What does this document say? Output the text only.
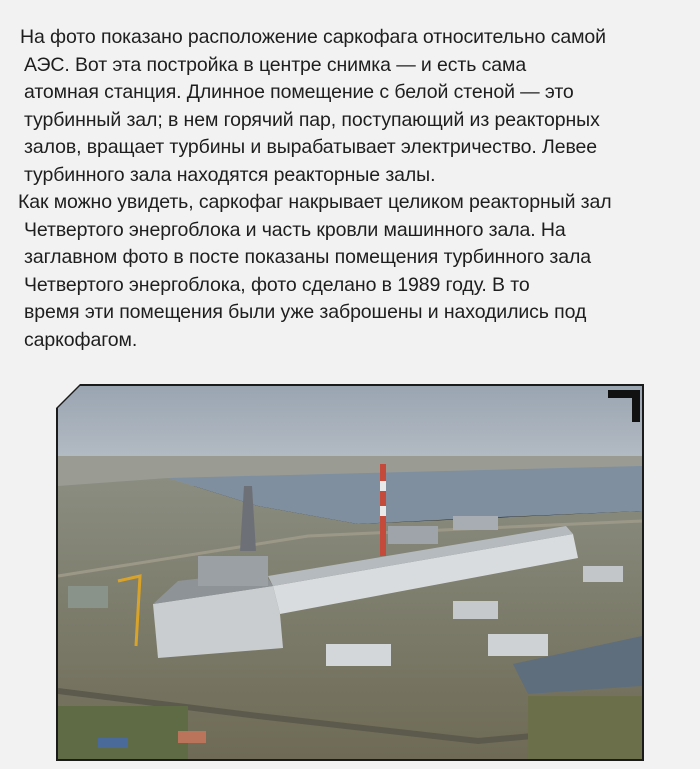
На фото показано расположение саркофага относительно самой
АЭС. Вот эта постройка в центре снимка — и есть сама
атомная станция. Длинное помещение с белой стеной — это
турбинный зал; в нем горячий пар, поступающий из реакторных
залов, вращает турбины и вырабатывает электричество. Левее
турбинного зала находятся реакторные залы.
Как можно увидеть, саркофаг накрывает целиком реакторный зал
Четвертого энергоблока и часть кровли машинного зала. На
заглавном фото в посте показаны помещения турбинного зала
Четвертого энергоблока, фото сделано в 1989 году. В то
время эти помещения были уже заброшены и находились под
саркофагом.
